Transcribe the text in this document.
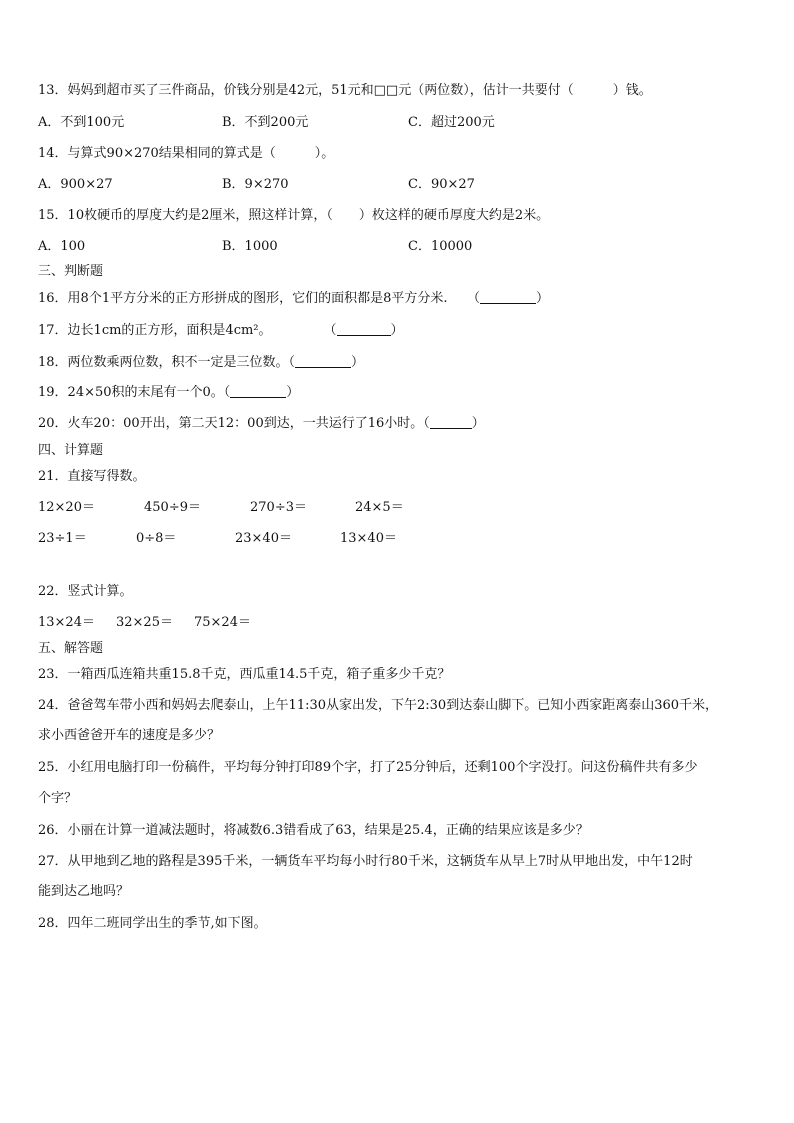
13．妈妈到超市买了三件商品，价钱分别是42元，51元和□□元（两位数），估计一共要付（　　　）钱。
A．不到100元	B．不到200元	C．超过200元
14．与算式90×270结果相同的算式是（　　　）。
A．900×27	B．9×270	C．90×27
15．10枚硬币的厚度大约是2厘米，照这样计算，（　　）枚这样的硬币厚度大约是2米。
A．100	B．1000	C．10000
三、判断题
16．用8个1平方分米的正方形拼成的图形，它们的面积都是8平方分米.　　（	）
17．边长1cm的正方形，面积是4cm²。　　　　　（	）
18．两位数乘两位数，积不一定是三位数。（	）
19．24×50积的末尾有一个0。（	）
20．火车20：00开出，第二天12：00到达，一共运行了16小时。（	）
四、计算题
21．直接写得数。
12×20＝	450÷9＝	270÷3＝	24×5＝
23÷1＝	0÷8＝	23×40＝	13×40＝
22．竖式计算。
13×24＝ 32×25＝ 75×24＝
五、解答题
23．一箱西瓜连箱共重15.8千克，西瓜重14.5千克，箱子重多少千克？
24．爸爸驾车带小西和妈妈去爬泰山，上午11:30从家出发，下午2:30到达泰山脚下。已知小西家距离泰山360千米，
求小西爸爸开车的速度是多少？
25．小红用电脑打印一份稿件，平均每分钟打印89个字，打了25分钟后，还剩100个字没打。问这份稿件共有多少
个字？
26．小丽在计算一道减法题时，将减数6.3错看成了63，结果是25.4，正确的结果应该是多少？
27．从甲地到乙地的路程是395千米，一辆货车平均每小时行80千米，这辆货车从早上7时从甲地出发，中午12时
能到达乙地吗？
28．四年二班同学出生的季节,如下图。
